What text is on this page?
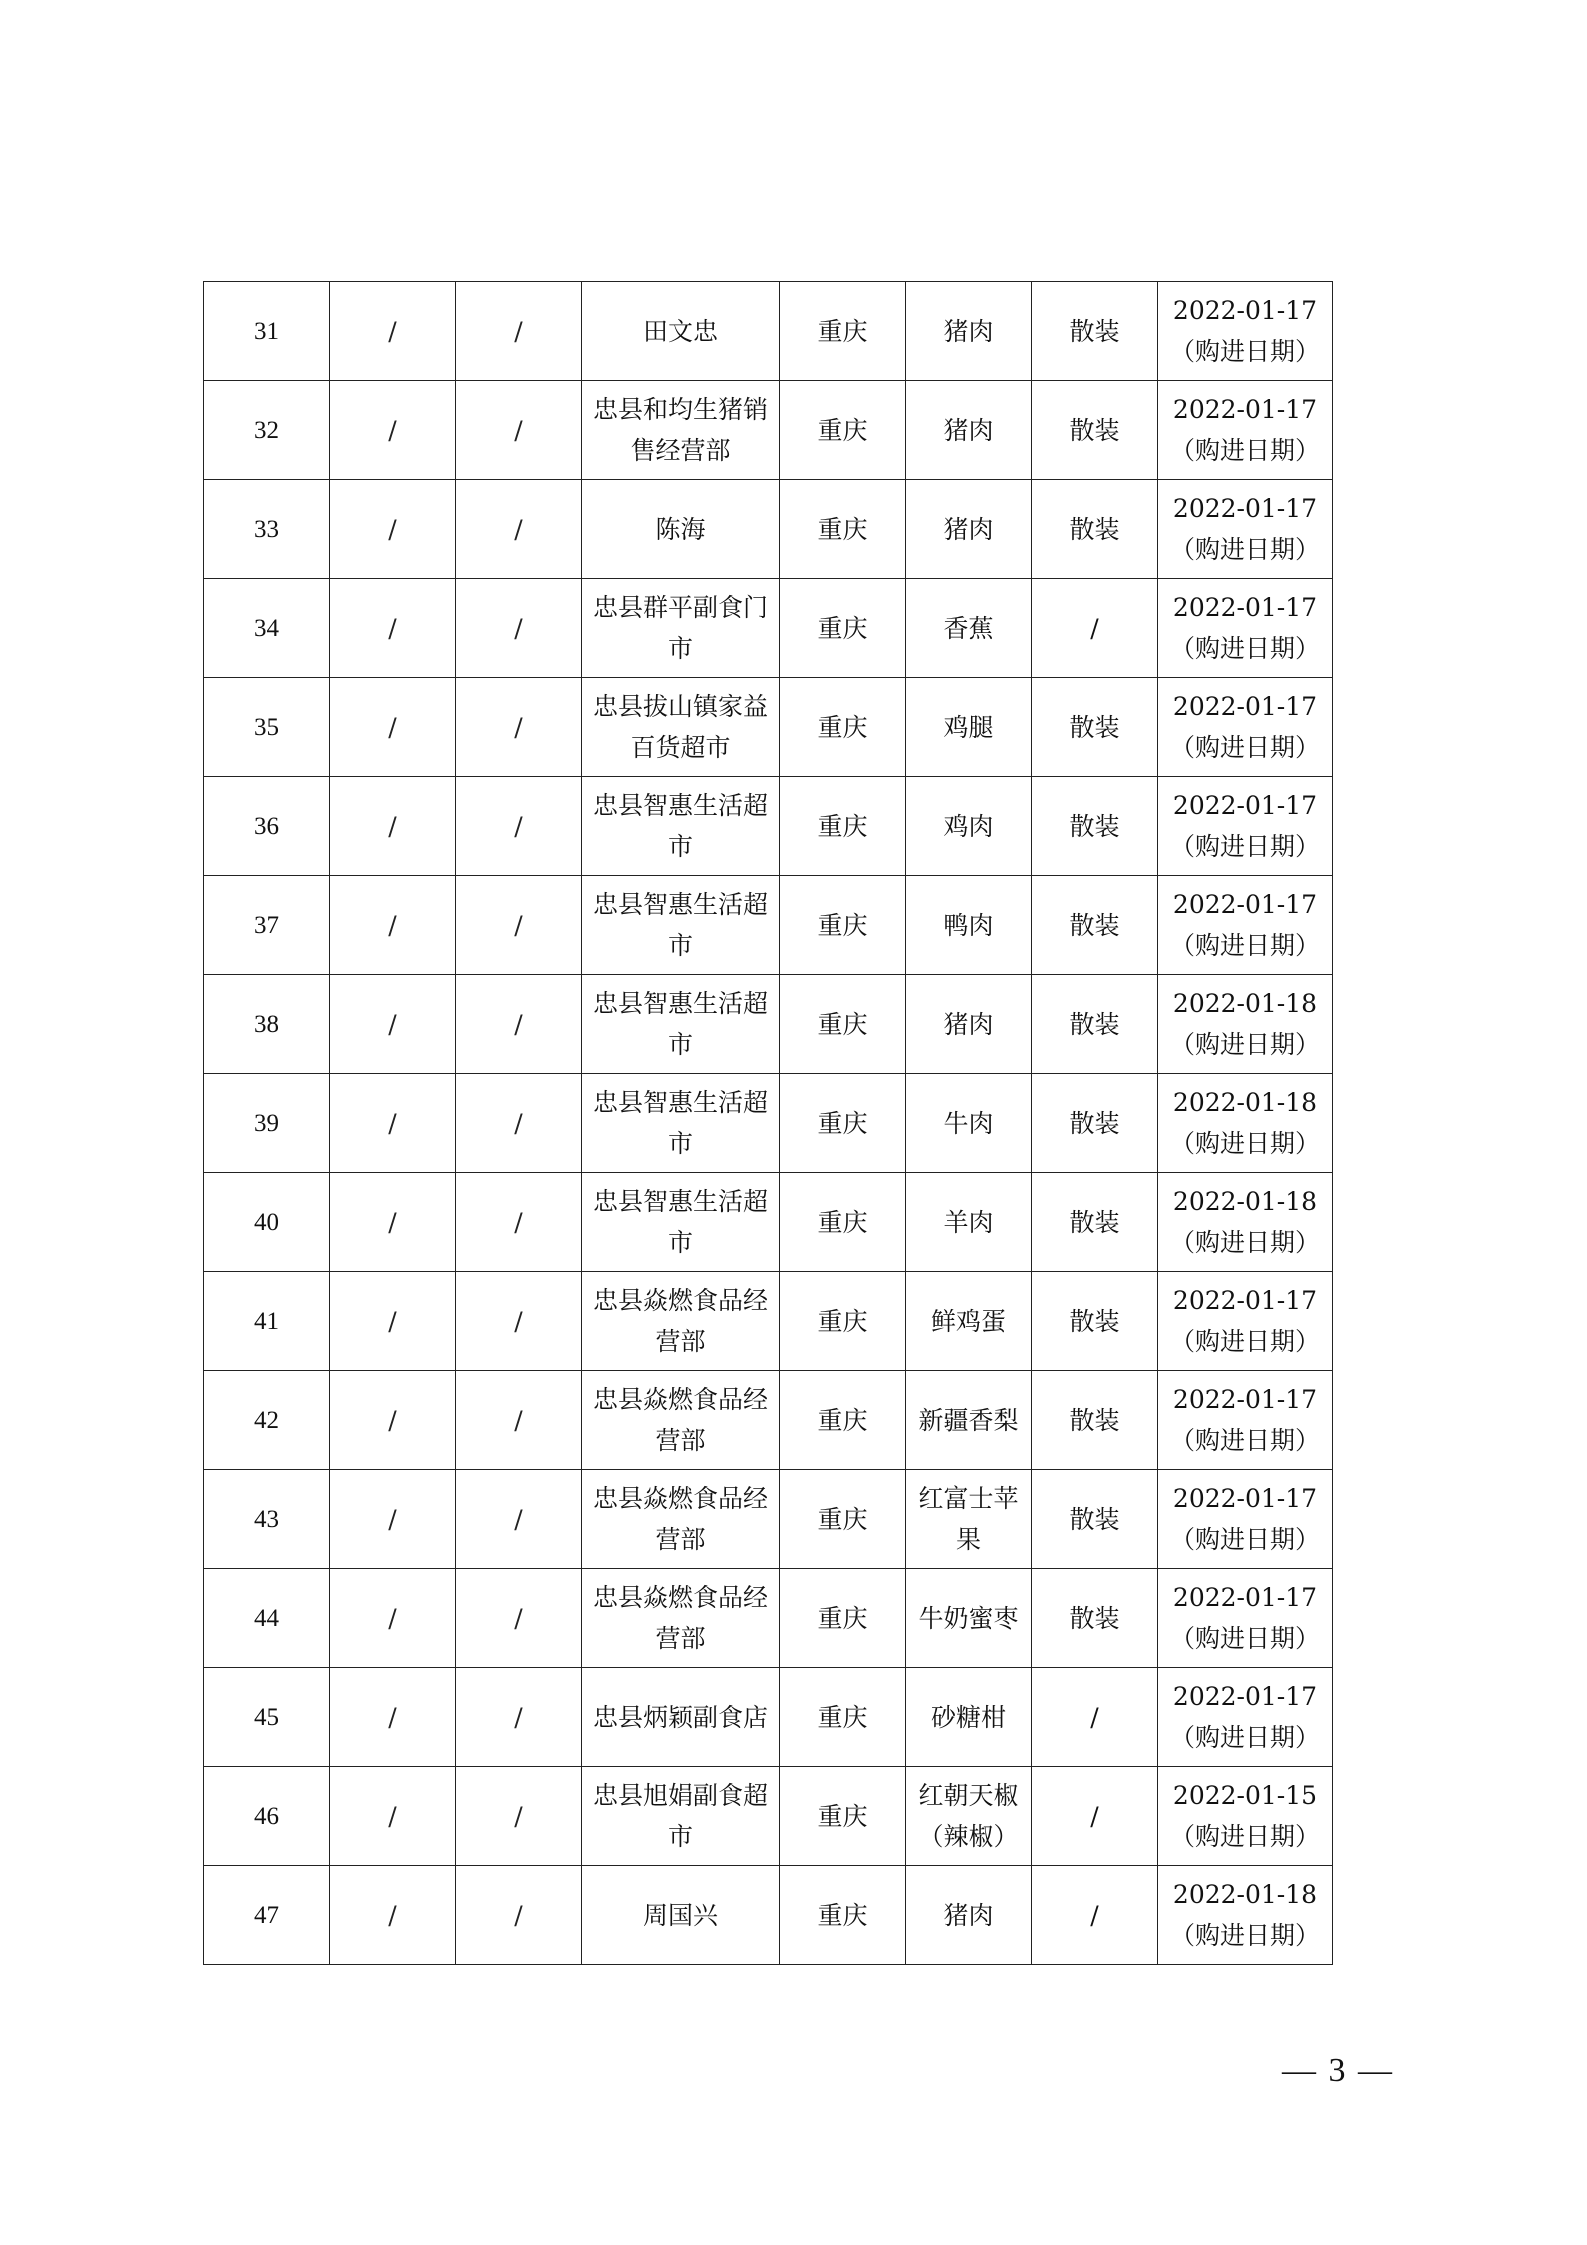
31	/	/	田文忠	重庆	猪肉	散装	2022-01-17
（购进日期）

32	/	/	忠县和均生猪销售经营部	重庆	猪肉	散装	2022-01-17
（购进日期）

33	/	/	陈海	重庆	猪肉	散装	2022-01-17
（购进日期）

34	/	/	忠县群平副食门市	重庆	香蕉	/	2022-01-17
（购进日期）

35	/	/	忠县拔山镇家益百货超市	重庆	鸡腿	散装	2022-01-17
（购进日期）

36	/	/	忠县智惠生活超市	重庆	鸡肉	散装	2022-01-17
（购进日期）

37	/	/	忠县智惠生活超市	重庆	鸭肉	散装	2022-01-17
（购进日期）

38	/	/	忠县智惠生活超市	重庆	猪肉	散装	2022-01-18
（购进日期）

39	/	/	忠县智惠生活超市	重庆	牛肉	散装	2022-01-18
（购进日期）

40	/	/	忠县智惠生活超市	重庆	羊肉	散装	2022-01-18
（购进日期）

41	/	/	忠县焱燃食品经营部	重庆	鲜鸡蛋	散装	2022-01-17
（购进日期）

42	/	/	忠县焱燃食品经营部	重庆	新疆香梨	散装	2022-01-17
（购进日期）

43	/	/	忠县焱燃食品经营部	重庆	红富士苹果	散装	2022-01-17
（购进日期）

44	/	/	忠县焱燃食品经营部	重庆	牛奶蜜枣	散装	2022-01-17
（购进日期）

45	/	/	忠县炳颖副食店	重庆	砂糖柑	/	2022-01-17
（购进日期）

46	/	/	忠县旭娟副食超市	重庆	红朝天椒（辣椒）	/	2022-01-15
（购进日期）

47	/	/	周国兴	重庆	猪肉	/	2022-01-18
（购进日期）
— 3 —
